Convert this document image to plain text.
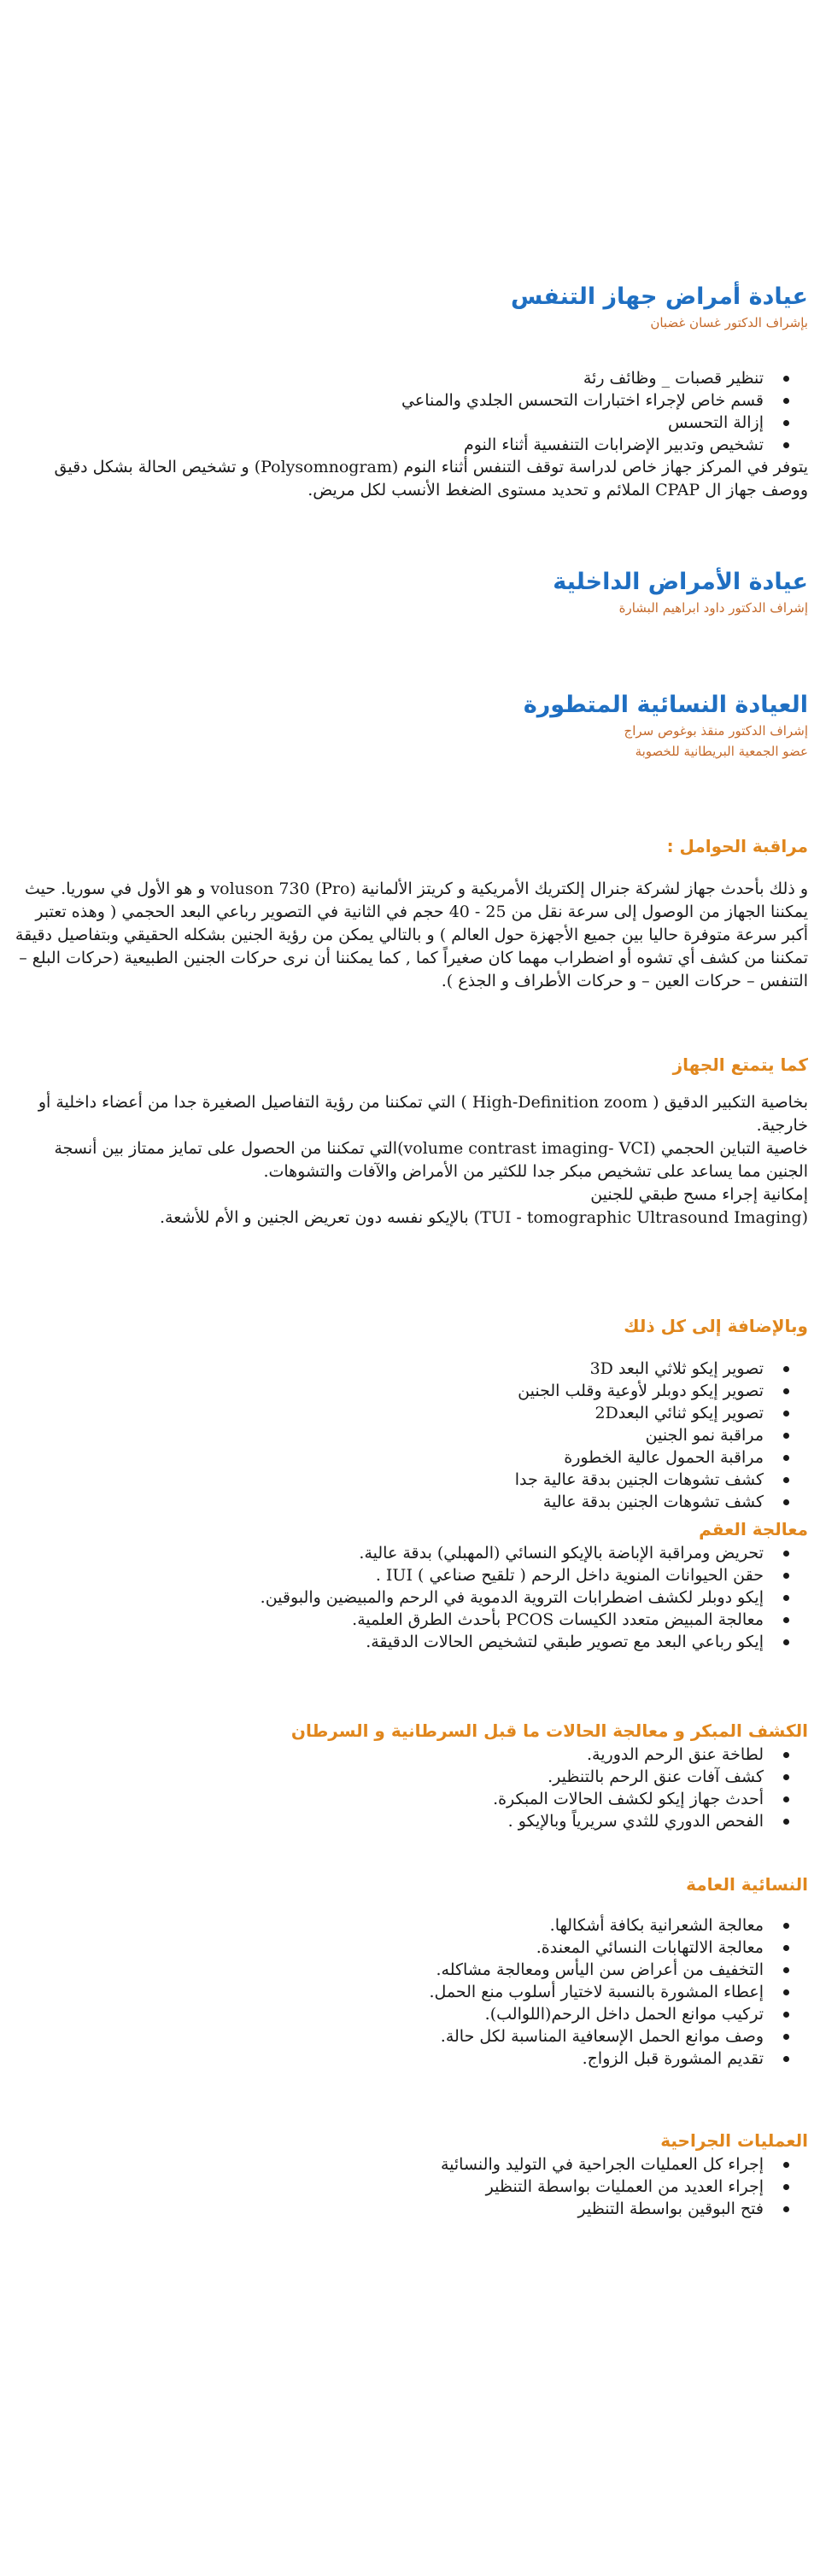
عيادة أمراض جهاز التنفس

بإشراف الدكتور غسان غضبان

تنظير قصبات _ وظائف رئة
قسم خاص لإجراء اختبارات التحسس الجلدي والمناعي
إزالة التحسس
تشخيص وتدبير الإضرابات التنفسية أثناء النوم

يتوفر في المركز جهاز خاص لدراسة توقف التنفس أثناء النوم (Polysomnogram) و تشخيص الحالة بشكل دقيق ووصف جهاز ال CPAP الملائم و تحديد مستوى الضغط الأنسب لكل مريض.

عيادة الأمراض الداخلية

إشراف الدكتور داود ابراهيم البشارة

العيادة النسائية المتطورة

إشراف الدكتور منقذ بوغوص سراج

عضو الجمعية البريطانية للخصوبة

مراقبة الحوامل :

و ذلك بأحدث جهاز لشركة جنرال إلكتريك الأمريكية و كريتز الألمانية voluson 730 (Pro) و هو الأول في سوريا. حيث يمكننا الجهاز من الوصول إلى سرعة نقل من 25 - 40 حجم في الثانية في التصوير رباعي البعد الحجمي ( وهذه تعتبر أكبر سرعة متوفرة حاليا بين جميع الأجهزة حول العالم ) و بالتالي يمكن من رؤية الجنين بشكله الحقيقي وبتفاصيل دقيقة تمكننا من كشف أي تشوه أو اضطراب مهما كان صغيراً كما , كما يمكننا أن نرى حركات الجنين الطبيعية (حركات البلع – التنفس – حركات العين – و حركات الأطراف و الجذع ).

كما يتمتع الجهاز

بخاصية التكبير الدقيق ( High-Definition zoom ) التي تمكننا من رؤية التفاصيل الصغيرة جدا من أعضاء داخلية أو خارجية.

خاصية التباين الحجمي (volume contrast imaging- VCI)التي تمكننا من الحصول على تمايز ممتاز بين أنسجة الجنين مما يساعد على تشخيص مبكر جدا للكثير من الأمراض والآفات والتشوهات.

إمكانية إجراء مسح طبقي للجنين

(TUI - tomographic Ultrasound Imaging) بالإيكو نفسه دون تعريض الجنين و الأم للأشعة.

وبالإضافة إلى كل ذلك
تصوير إيكو ثلاثي البعد 3D
تصوير إيكو دوبلر لأوعية وقلب الجنين
تصوير إيكو ثنائي البعد2D
مراقبة نمو الجنين
مراقبة الحمول عالية الخطورة
كشف تشوهات الجنين بدقة عالية جدا
كشف تشوهات الجنين بدقة عالية
معالجة العقم
تحريض ومراقبة الإباضة بالإيكو النسائي (المهبلي) بدقة عالية.
حقن الحيوانات المنوية داخل الرحم ( تلقيح صناعي ) IUI .
إيكو دوبلر لكشف اضطرابات التروية الدموية في الرحم والمبيضين والبوقين.
معالجة المبيض متعدد الكيسات PCOS بأحدث الطرق العلمية.
إيكو رباعي البعد مع تصوير طبقي لتشخيص الحالات الدقيقة.
الكشف المبكر و معالجة الحالات ما قبل السرطانية و السرطان
لطاخة عنق الرحم الدورية.
كشف آفات عنق الرحم بالتنظير.
أحدث جهاز إيكو لكشف الحالات المبكرة.
الفحص الدوري للثدي سريرياً وبالإيكو .
النسائية العامة
معالجة الشعرانية بكافة أشكالها.
معالجة الالتهابات النسائي المعندة.
التخفيف من أعراض سن اليأس ومعالجة مشاكله.
إعطاء المشورة بالنسبة لاختيار أسلوب منع الحمل.
تركيب موانع الحمل داخل الرحم(اللوالب).
وصف موانع الحمل الإسعافية المناسبة لكل حالة.
تقديم المشورة قبل الزواج.
العمليات الجراحية
إجراء كل العمليات الجراحية في التوليد والنسائية
إجراء العديد من العمليات بواسطة التنظير
فتح البوقين بواسطة التنظير
